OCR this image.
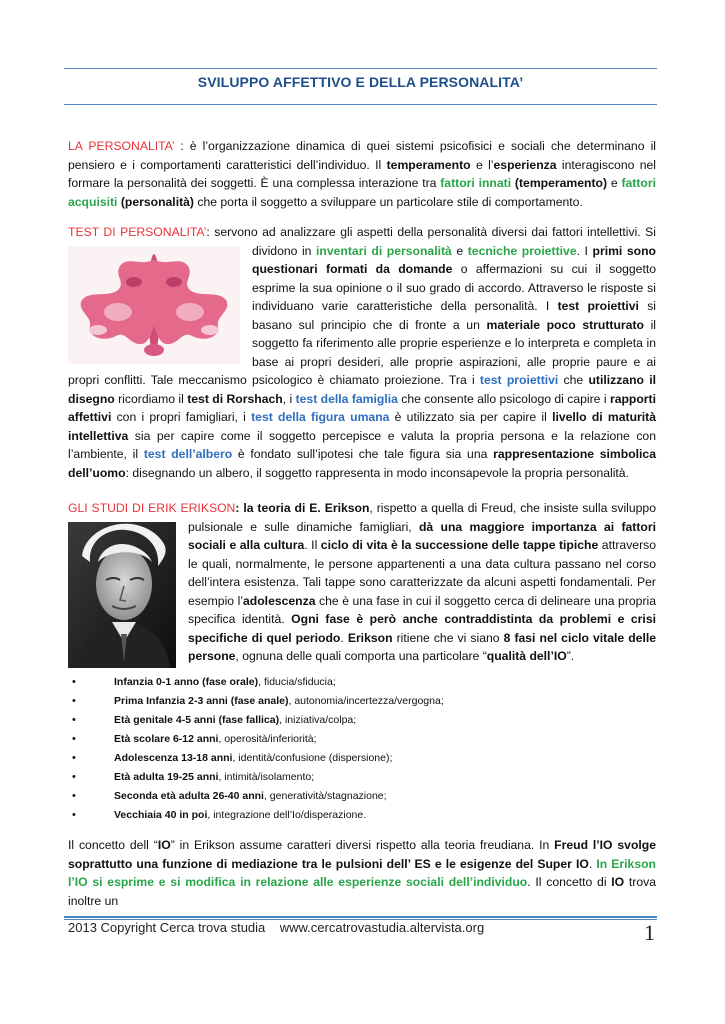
SVILUPPO AFFETTIVO E DELLA PERSONALITA’

LA PERSONALITA’ : è l’organizzazione dinamica di quei sistemi psicofisici e sociali che determinano il pensiero e i comportamenti caratteristici dell’individuo. Il temperamento e l’esperienza interagiscono nel formare la personalità dei soggetti. È una complessa interazione tra fattori innati (temperamento) e fattori acquisiti (personalità) che porta il soggetto a sviluppare un particolare stile di comportamento.

TEST DI PERSONALITA’: servono ad analizzare gli aspetti della personalità diversi dai fattori intellettivi. Si dividono in
inventari di personalità e tecniche proiettive. I primi sono questionari formati da domande o affermazioni su cui il soggetto esprime la sua opinione o il suo grado di accordo. Attraverso le risposte si individuano varie caratteristiche della personalità. I test proiettivi si basano sul principio che di fronte a un materiale poco strutturato il soggetto fa riferimento alle proprie esperienze e lo interpreta e completa in base ai propri desideri, alle proprie aspirazioni, alle proprie paure e ai propri conflitti. Tale meccanismo psicologico è chiamato proiezione. Tra i test proiettivi che utilizzano il disegno ricordiamo il test di Rorshach, i test della famiglia che consente allo psicologo di capire i rapporti affettivi con i propri famigliari, i test della figura umana è utilizzato sia per capire il livello di maturità intellettiva sia per capire come il soggetto percepisce e valuta la propria persona e la relazione con l’ambiente, il test dell’albero è fondato sull’ipotesi che tale figura sia una rappresentazione simbolica dell’uomo: disegnando un albero, il soggetto rappresenta in modo inconsapevole la propria personalità.

GLI STUDI DI ERIK ERIKSON: la teoria di E. Erikson, rispetto a quella di Freud, che insiste sulla sviluppo pulsionale e sulle dinamiche famigliari,
dà una maggiore importanza ai fattori sociali e alla cultura. Il ciclo di vita è la successione delle tappe tipiche attraverso le quali, normalmente, le persone appartenenti a una data cultura passano nel corso dell’intera esistenza. Tali tappe sono caratterizzate da alcuni aspetti fondamentali. Per esempio l’adolescenza che è una fase in cui il soggetto cerca di delineare una propria specifica identità. Ogni fase è però anche contraddistinta da problemi e crisi specifiche di quel periodo. Erikson ritiene che vi siano 8 fasi nel ciclo vitale delle persone, ognuna delle quali comporta una particolare “qualità dell’IO”.

•	Infanzia 0-1 anno (fase orale), fiducia/sfiducia;
•	Prima Infanzia 2-3 anni (fase anale), autonomia/incertezza/vergogna;
•	Età genitale 4-5 anni (fase fallica), iniziativa/colpa;
•	Età scolare 6-12 anni, operosità/inferiorità;
•	Adolescenza 13-18 anni, identità/confusione (dispersione);
•	Età adulta 19-25 anni, intimità/isolamento;
•	Seconda età adulta 26-40 anni, generatività/stagnazione;
•	Vecchiaia 40 in poi, integrazione dell’Io/disperazione.

Il concetto dell “IO” in Erikson assume caratteri diversi rispetto alla teoria freudiana. In Freud l’IO svolge soprattutto una funzione di mediazione tra le pulsioni dell’ ES e le esigenze del Super IO. In Erikson l’IO si esprime e si modifica in relazione alle esperienze sociali dell’individuo. Il concetto di IO trova inoltre un

2013 Copyright Cerca trova studia    www.cercatrovastudia.altervista.org	1
